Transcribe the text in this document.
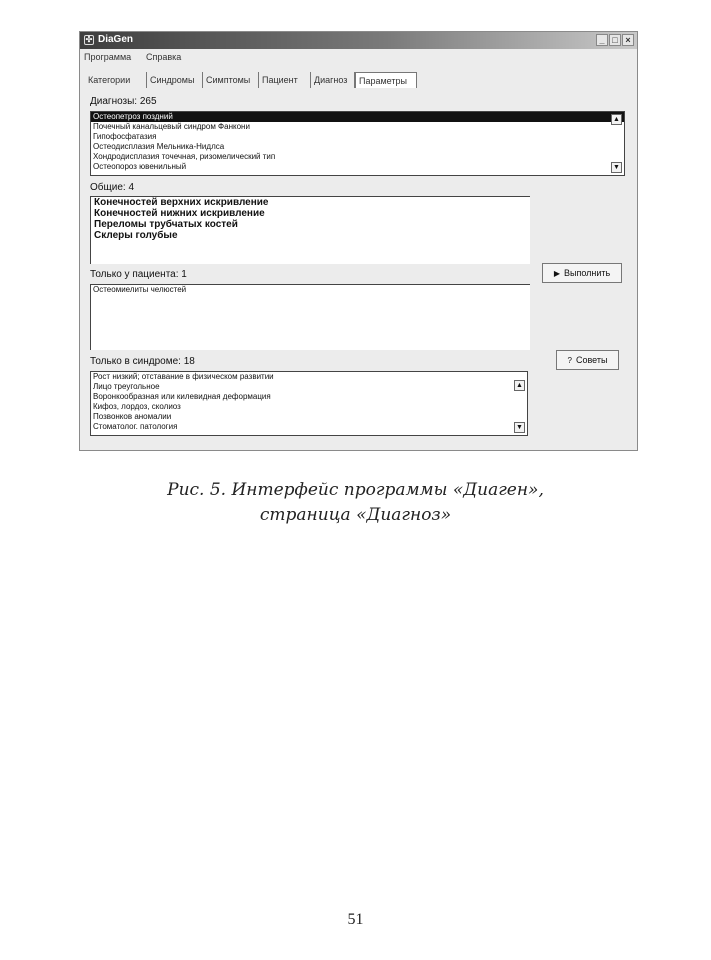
✣ DiaGen	_ □ ×
Программа Справка
Категории	Синдромы	Симптомы	Пациент	Диагноз	Параметры
Диагнозы: 265
Остеопетроз поздний
Почечный канальцевый синдром Фанкони
Гипофосфатазия
Остеодисплазия Мельника-Нидлса
Хондродисплазия точечная, ризомелический тип
Остеопороз ювенильный
▲
▼
Общие: 4
Конечностей верхних искривление
Конечностей нижних искривление
Переломы трубчатых костей
Склеры голубые
Только у пациента: 1	▶ Выполнить
Остеомиелиты челюстей
Только в синдроме: 18	? Советы
Рост низкий; отставание в физическом развитии
Лицо треугольное
Воронкообразная или килевидная деформация
Кифоз, лордоз, сколиоз
Позвонков аномалии
Стоматолог. патология
▲
▼
Рис. 5. Интерфейс программы «Диаген»,
страница «Диагноз»
51
